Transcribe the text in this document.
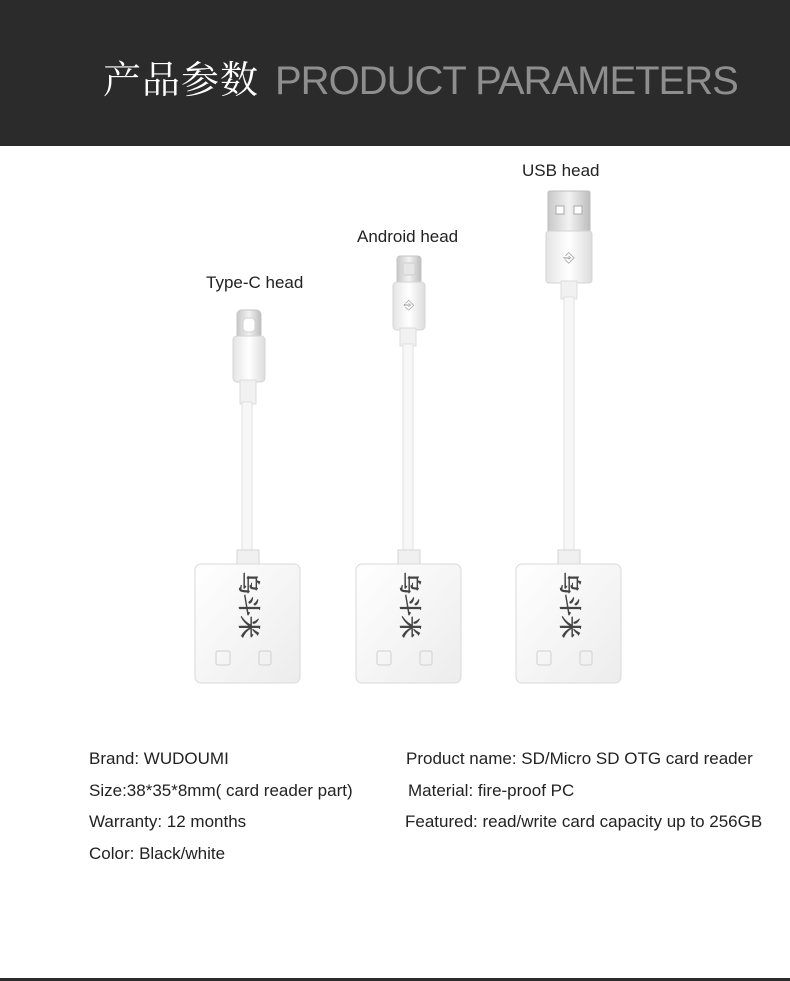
产品参数 PRODUCT PARAMETERS
Type-C head
Android head
USB head
乌斗米
⎆
乌斗米
⎆
乌斗米
Brand: WUDOUMI
Size:38*35*8mm( card reader part)
Warranty: 12 months
Color: Black/white
Product name: SD/Micro SD OTG card reader
Material: fire-proof PC
Featured: read/write card capacity up to 256GB
